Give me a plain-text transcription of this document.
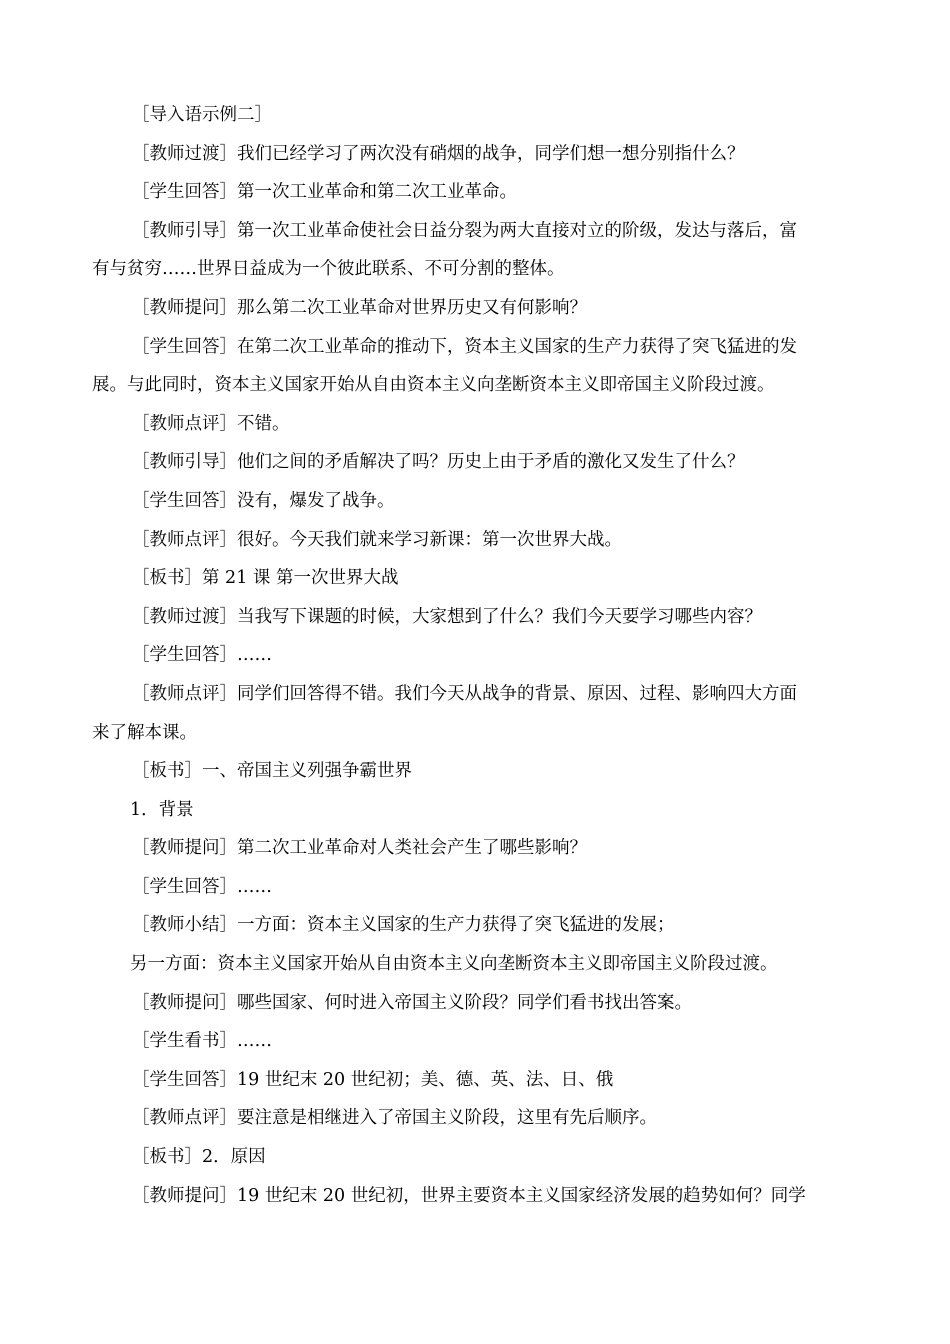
［导入语示例二］

［教师过渡］我们已经学习了两次没有硝烟的战争，同学们想一想分别指什么？

［学生回答］第一次工业革命和第二次工业革命。

［教师引导］第一次工业革命使社会日益分裂为两大直接对立的阶级，发达与落后，富

有与贫穷……世界日益成为一个彼此联系、不可分割的整体。

［教师提问］那么第二次工业革命对世界历史又有何影响？

［学生回答］在第二次工业革命的推动下，资本主义国家的生产力获得了突飞猛进的发

展。与此同时，资本主义国家开始从自由资本主义向垄断资本主义即帝国主义阶段过渡。

［教师点评］不错。

［教师引导］他们之间的矛盾解决了吗？历史上由于矛盾的激化又发生了什么？

［学生回答］没有，爆发了战争。

［教师点评］很好。今天我们就来学习新课：第一次世界大战。

［板书］第 21 课 第一次世界大战

［教师过渡］当我写下课题的时候，大家想到了什么？我们今天要学习哪些内容？

［学生回答］……

［教师点评］同学们回答得不错。我们今天从战争的背景、原因、过程、影响四大方面

来了解本课。

［板书］一、帝国主义列强争霸世界

1．背景

［教师提问］第二次工业革命对人类社会产生了哪些影响？

［学生回答］……

［教师小结］一方面：资本主义国家的生产力获得了突飞猛进的发展；

另一方面：资本主义国家开始从自由资本主义向垄断资本主义即帝国主义阶段过渡。

［教师提问］哪些国家、何时进入帝国主义阶段？同学们看书找出答案。

［学生看书］……

［学生回答］19 世纪末 20 世纪初；美、德、英、法、日、俄

［教师点评］要注意是相继进入了帝国主义阶段，这里有先后顺序。

［板书］2．原因

［教师提问］19 世纪末 20 世纪初，世界主要资本主义国家经济发展的趋势如何？同学
